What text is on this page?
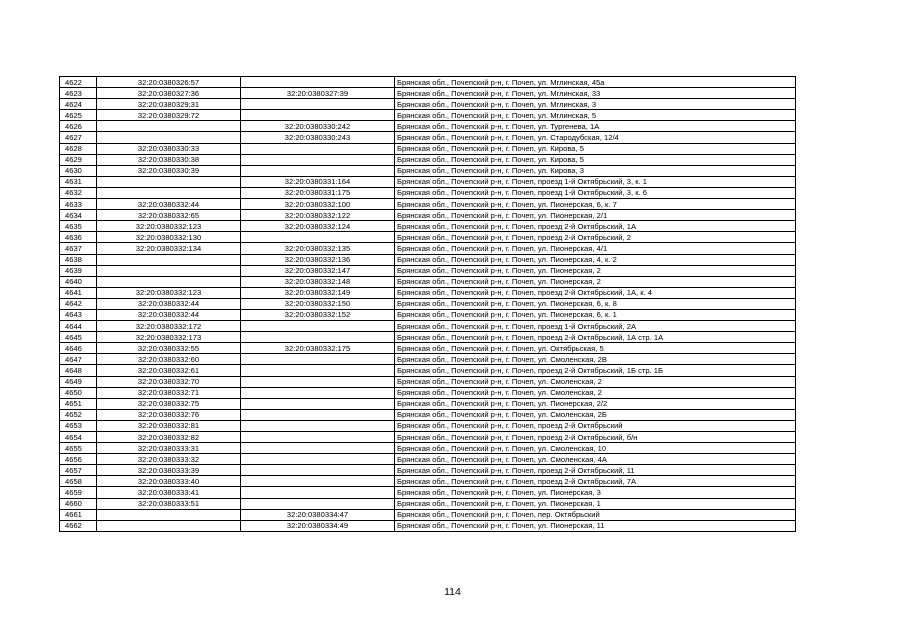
4622	32:20:0380326:57		Брянская обл., Почепский р-н, г. Почеп, ул. Мглинская, 45а
4623	32:20:0380327:36	32:20:0380327:39	Брянская обл., Почепский р-н, г. Почеп, ул. Мглинская, 33
4624	32:20:0380329:31		Брянская обл., Почепский р-н, г. Почеп, ул. Мглинская, 3
4625	32:20:0380329:72		Брянская обл., Почепский р-н, г. Почеп, ул. Мглинская, 5
4626		32:20:0380330:242	Брянская обл., Почепский р-н, г. Почеп, ул. Тургенева, 1А
4627		32:20:0380330:243	Брянская обл., Почепский р-н, г. Почеп, ул. Стародубская, 12/4
4628	32:20:0380330:33		Брянская обл., Почепский р-н, г. Почеп, ул. Кирова, 5
4629	32:20:0380330:38		Брянская обл., Почепский р-н, г. Почеп, ул. Кирова, 5
4630	32:20:0380330:39		Брянская обл., Почепский р-н, г. Почеп, ул. Кирова, 3
4631		32:20:0380331:164	Брянская обл., Почепский р-н, г. Почеп, проезд 1-й Октябрьский, 3, к. 1
4632		32:20:0380331:175	Брянская обл., Почепский р-н, г. Почеп, проезд 1-й Октябрьский, 3, к. 6
4633	32:20:0380332:44	32:20:0380332:100	Брянская обл., Почепский р-н, г. Почеп, ул. Пионерская, 6, к. 7
4634	32:20:0380332:65	32:20:0380332:122	Брянская обл., Почепский р-н, г. Почеп, ул. Пионерская, 2/1
4635	32:20:0380332:123	32:20:0380332:124	Брянская обл., Почепский р-н, г. Почеп, проезд 2-й Октябрьский, 1А
4636	32:20:0380332:130		Брянская обл., Почепский р-н, г. Почеп, проезд 2-й Октябрьский, 2
4637	32:20:0380332:134	32:20:0380332:135	Брянская обл., Почепский р-н, г. Почеп, ул. Пионерская, 4/1
4638		32:20:0380332:136	Брянская обл., Почепский р-н, г. Почеп, ул. Пионерская, 4, к. 2
4639		32:20:0380332:147	Брянская обл., Почепский р-н, г. Почеп, ул. Пионерская, 2
4640		32:20:0380332:148	Брянская обл., Почепский р-н, г. Почеп, ул. Пионерская, 2
4641	32:20:0380332:123	32:20:0380332:149	Брянская обл., Почепский р-н, г. Почеп, проезд 2-й Октябрьский, 1А, к. 4
4642	32:20:0380332:44	32:20:0380332:150	Брянская обл., Почепский р-н, г. Почеп, ул. Пионерская, 6, к. 8
4643	32:20:0380332:44	32:20:0380332:152	Брянская обл., Почепский р-н, г. Почеп, ул. Пионерская, 6, к. 1
4644	32:20:0380332:172		Брянская обл., Почепский р-н, г. Почеп, проезд 1-й Октябрьский, 2А
4645	32:20:0380332:173		Брянская обл., Почепский р-н, г. Почеп, проезд 2-й Октябрьский, 1А стр. 1А
4646	32:20:0380332:55	32:20:0380332:175	Брянская обл., Почепский р-н, г. Почеп, ул. Октябрьская, 5
4647	32:20:0380332:60		Брянская обл., Почепский р-н, г. Почеп, ул. Смоленская, 2В
4648	32:20:0380332:61		Брянская обл., Почепский р-н, г. Почеп, проезд 2-й Октябрьский, 1Б стр. 1Б
4649	32:20:0380332:70		Брянская обл., Почепский р-н, г. Почеп, ул. Смоленская, 2
4650	32:20:0380332:71		Брянская обл., Почепский р-н, г. Почеп, ул. Смоленская, 2
4651	32:20:0380332:75		Брянская обл., Почепский р-н, г. Почеп, ул. Пионерская, 2/2
4652	32:20:0380332:76		Брянская обл., Почепский р-н, г. Почеп, ул. Смоленская, 2Б
4653	32:20:0380332:81		Брянская обл., Почепский р-н, г. Почеп, проезд 2-й Октябрьский
4654	32:20:0380332:82		Брянская обл., Почепский р-н, г. Почеп, проезд 2-й Октябрьский, б/н
4655	32:20:0380333:31		Брянская обл., Почепский р-н, г. Почеп, ул. Смоленская, 10
4656	32:20:0380333:32		Брянская обл., Почепский р-н, г. Почеп, ул. Смоленская, 4А
4657	32:20:0380333:39		Брянская обл., Почепский р-н, г. Почеп, проезд 2-й Октябрьский, 11
4658	32:20:0380333:40		Брянская обл., Почепский р-н, г. Почеп, проезд 2-й Октябрьский, 7А
4659	32:20:0380333:41		Брянская обл., Почепский р-н, г. Почеп, ул. Пионерская, 3
4660	32:20:0380333:51		Брянская обл., Почепский р-н, г. Почеп, ул. Пионерская, 1
4661		32:20:0380334:47	Брянская обл., Почепский р-н, г. Почеп, пер. Октябрьский
4662		32:20:0380334:49	Брянская обл., Почепский р-н, г. Почеп, ул. Пионерская, 11
114
